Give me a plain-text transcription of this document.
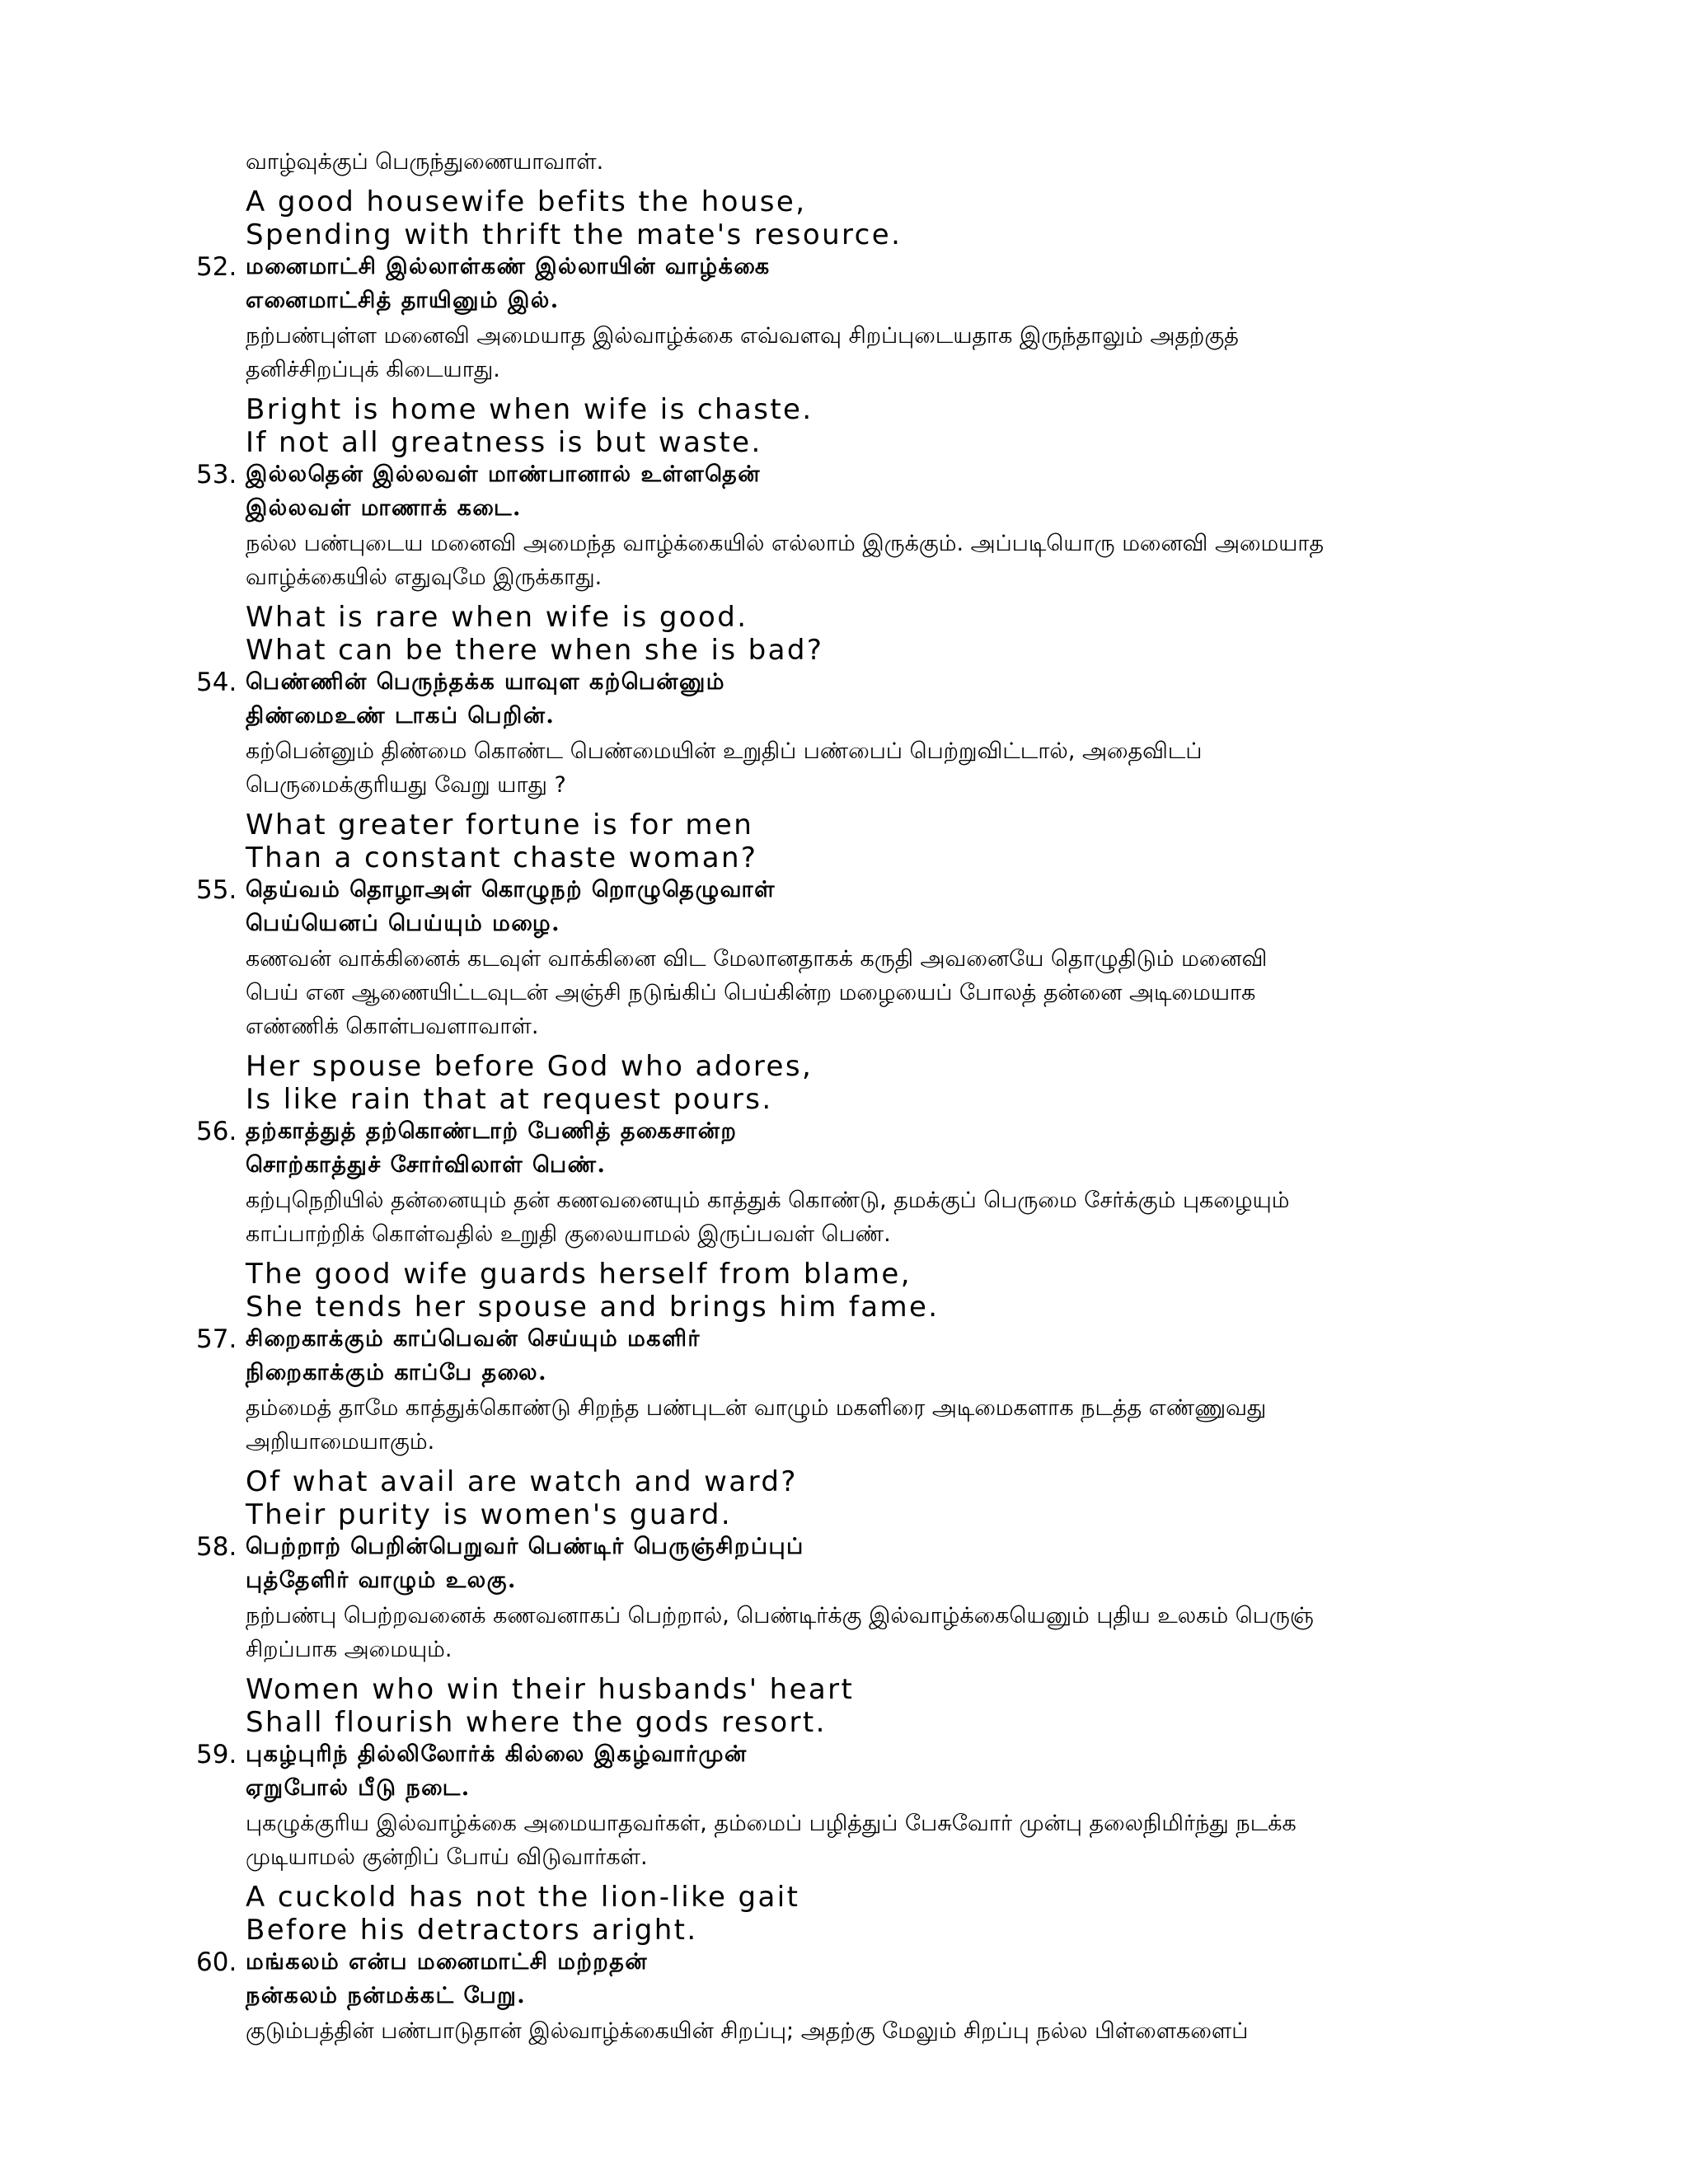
வாழ்வுக்குப் பெருந்துணையாவாள்.
A good housewife befits the house,
Spending with thrift the mate's resource.
52. மனைமாட்சி இல்லாள்கண் இல்லாயின் வாழ்க்கை
எனைமாட்சித் தாயினும் இல்.
நற்பண்புள்ள மனைவி அமையாத இல்வாழ்க்கை எவ்வளவு சிறப்புடையதாக இருந்தாலும் அதற்குத்
தனிச்சிறப்புக் கிடையாது.
Bright is home when wife is chaste.
If not all greatness is but waste.
53. இல்லதென் இல்லவள் மாண்பானால் உள்ளதென்
இல்லவள் மாணாக் கடை.
நல்ல பண்புடைய மனைவி அமைந்த வாழ்க்கையில் எல்லாம் இருக்கும். அப்படியொரு மனைவி அமையாத
வாழ்க்கையில் எதுவுமே இருக்காது.
What is rare when wife is good.
What can be there when she is bad?
54. பெண்ணின் பெருந்தக்க யாவுள கற்பென்னும்
திண்மைஉண் டாகப் பெறின்.
கற்பென்னும் திண்மை கொண்ட பெண்மையின் உறுதிப் பண்பைப் பெற்றுவிட்டால், அதைவிடப்
பெருமைக்குரியது வேறு யாது ?
What greater fortune is for men
Than a constant chaste woman?
55. தெய்வம் தொழாஅள் கொழுநற் றொழுதெழுவாள்
பெய்யெனப் பெய்யும் மழை.
கணவன் வாக்கினைக் கடவுள் வாக்கினை விட மேலானதாகக் கருதி அவனையே தொழுதிடும் மனைவி
பெய் என ஆணையிட்டவுடன் அஞ்சி நடுங்கிப் பெய்கின்ற மழையைப் போலத் தன்னை அடிமையாக
எண்ணிக் கொள்பவளாவாள்.
Her spouse before God who adores,
Is like rain that at request pours.
56. தற்காத்துத் தற்கொண்டாற் பேணித் தகைசான்ற
சொற்காத்துச் சோர்விலாள் பெண்.
கற்புநெறியில் தன்னையும் தன் கணவனையும் காத்துக் கொண்டு, தமக்குப் பெருமை சேர்க்கும் புகழையும்
காப்பாற்றிக் கொள்வதில் உறுதி குலையாமல் இருப்பவள் பெண்.
The good wife guards herself from blame,
She tends her spouse and brings him fame.
57. சிறைகாக்கும் காப்பெவன் செய்யும் மகளிர்
நிறைகாக்கும் காப்பே தலை.
தம்மைத் தாமே காத்துக்கொண்டு சிறந்த பண்புடன் வாழும் மகளிரை அடிமைகளாக நடத்த எண்ணுவது
அறியாமையாகும்.
Of what avail are watch and ward?
Their purity is women's guard.
58. பெற்றாற் பெறின்பெறுவர் பெண்டிர் பெருஞ்சிறப்புப்
புத்தேளிர் வாழும் உலகு.
நற்பண்பு பெற்றவனைக் கணவனாகப் பெற்றால், பெண்டிர்க்கு இல்வாழ்க்கையெனும் புதிய உலகம் பெருஞ்
சிறப்பாக அமையும்.
Women who win their husbands' heart
Shall flourish where the gods resort.
59. புகழ்புரிந் தில்லிலோர்க் கில்லை இகழ்வார்முன்
ஏறுபோல் பீடு நடை.
புகழுக்குரிய இல்வாழ்க்கை அமையாதவர்கள், தம்மைப் பழித்துப் பேசுவோர் முன்பு தலைநிமிர்ந்து நடக்க
முடியாமல் குன்றிப் போய் விடுவார்கள்.
A cuckold has not the lion-like gait
Before his detractors aright.
60. மங்கலம் என்ப மனைமாட்சி மற்றதன்
நன்கலம் நன்மக்கட் பேறு.
குடும்பத்தின் பண்பாடுதான் இல்வாழ்க்கையின் சிறப்பு; அதற்கு மேலும் சிறப்பு நல்ல பிள்ளைகளைப்
